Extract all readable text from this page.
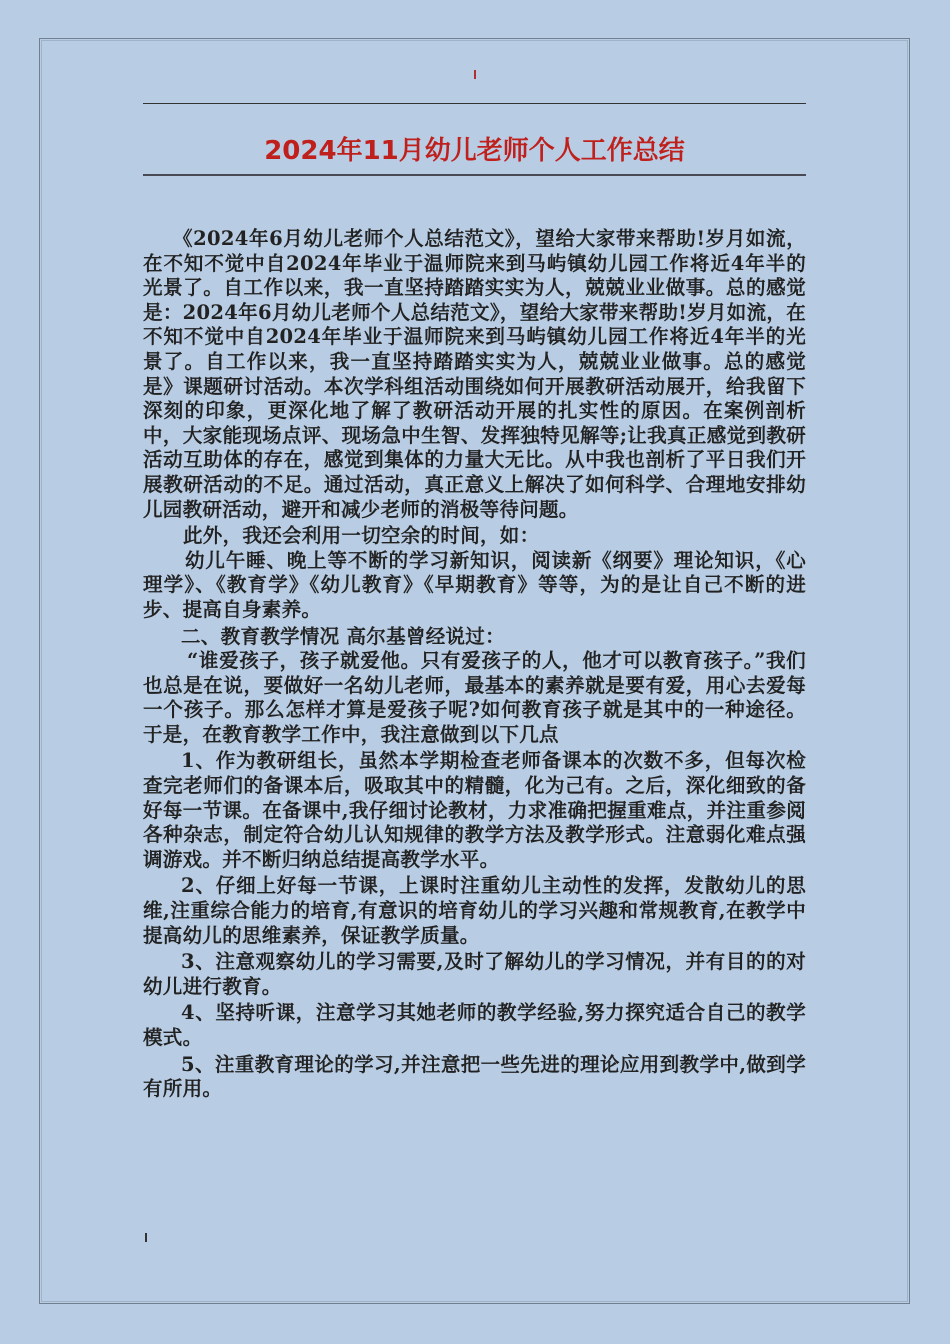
2024年11月幼儿老师个人工作总结

《2024年6月幼儿老师个人总结范文》，望给大家带来帮助!岁月如流，在不知不觉中自2024年毕业于温师院来到马屿镇幼儿园工作将近4年半的光景了。自工作以来，我一直坚持踏踏实实为人，兢兢业业做事。总的感觉是：2024年6月幼儿老师个人总结范文》，望给大家带来帮助!岁月如流，在不知不觉中自2024年毕业于温师院来到马屿镇幼儿园工作将近4年半的光景了。自工作以来，我一直坚持踏踏实实为人，兢兢业业做事。总的感觉是》课题研讨活动。本次学科组活动围绕如何开展教研活动展开，给我留下深刻的印象，更深化地了解了教研活动开展的扎实性的原因。在案例剖析中，大家能现场点评、现场急中生智、发挥独特见解等;让我真正感觉到教研活动互助体的存在，感觉到集体的力量大无比。从中我也剖析了平日我们开展教研活动的不足。通过活动，真正意义上解决了如何科学、合理地安排幼儿园教研活动，避开和减少老师的消极等待问题。

此外，我还会利用一切空余的时间，如：

幼儿午睡、晚上等不断的学习新知识，阅读新《纲要》理论知识，《心理学》、《教育学》《幼儿教育》《早期教育》等等，为的是让自己不断的进步、提高自身素养。

二、教育教学情况 高尔基曾经说过：

“谁爱孩子，孩子就爱他。只有爱孩子的人，他才可以教育孩子。”我们也总是在说，要做好一名幼儿老师，最基本的素养就是要有爱，用心去爱每一个孩子。那么怎样才算是爱孩子呢?如何教育孩子就是其中的一种途径。于是，在教育教学工作中，我注意做到以下几点

1、作为教研组长，虽然本学期检查老师备课本的次数不多，但每次检查完老师们的备课本后，吸取其中的精髓，化为己有。之后，深化细致的备好每一节课。在备课中,我仔细讨论教材，力求准确把握重难点，并注重参阅各种杂志，制定符合幼儿认知规律的教学方法及教学形式。注意弱化难点强调游戏。并不断归纳总结提高教学水平。

2、仔细上好每一节课，上课时注重幼儿主动性的发挥，发散幼儿的思维,注重综合能力的培育,有意识的培育幼儿的学习兴趣和常规教育,在教学中提高幼儿的思维素养，保证教学质量。

3、注意观察幼儿的学习需要,及时了解幼儿的学习情况，并有目的的对幼儿进行教育。

4、坚持听课，注意学习其她老师的教学经验,努力探究适合自己的教学模式。

5、注重教育理论的学习,并注意把一些先进的理论应用到教学中,做到学有所用。
